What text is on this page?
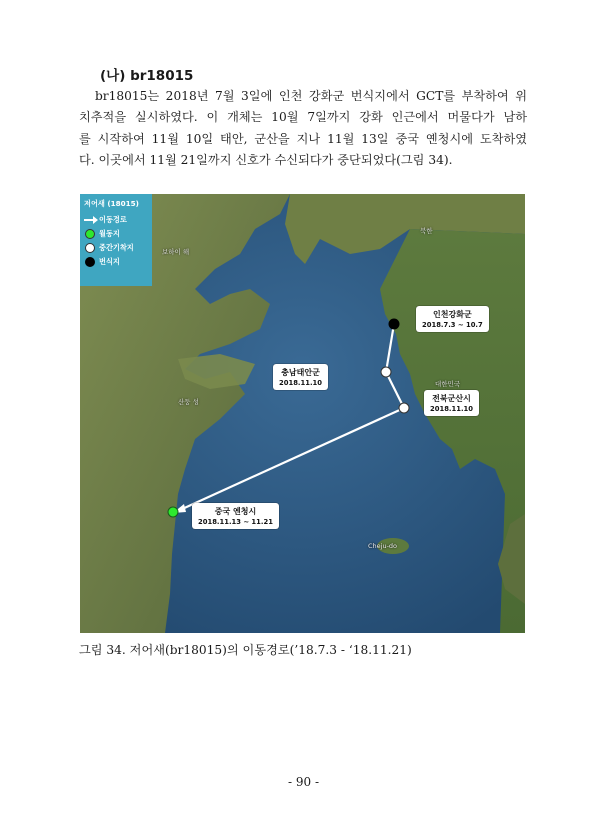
(나) br18015
br18015는 2018년 7월 3일에 인천 강화군 번식지에서 GCT를 부착하여 위
치추적을 실시하였다. 이 개체는 10월 7일까지 강화 인근에서 머물다가 남하
를 시작하여 11월 10일 태안, 군산을 지나 11월 13일 중국 옌청시에 도착하였
다. 이곳에서 11월 21일까지 신호가 수신되다가 중단되었다(그림 34).
저어새 (18015)
이동경로
월동지
중간기착지
번식지
보하이 해
산둥 성
북한
대한민국
Cheju-do
인천강화군
2018.7.3 ~ 10.7
충남태안군
2018.11.10
전북군산시
2018.11.10
중국 옌청시
2018.11.13 ~ 11.21
그림 34. 저어새(br18015)의 이동경로(’18.7.3 - ‘18.11.21)
- 90 -
